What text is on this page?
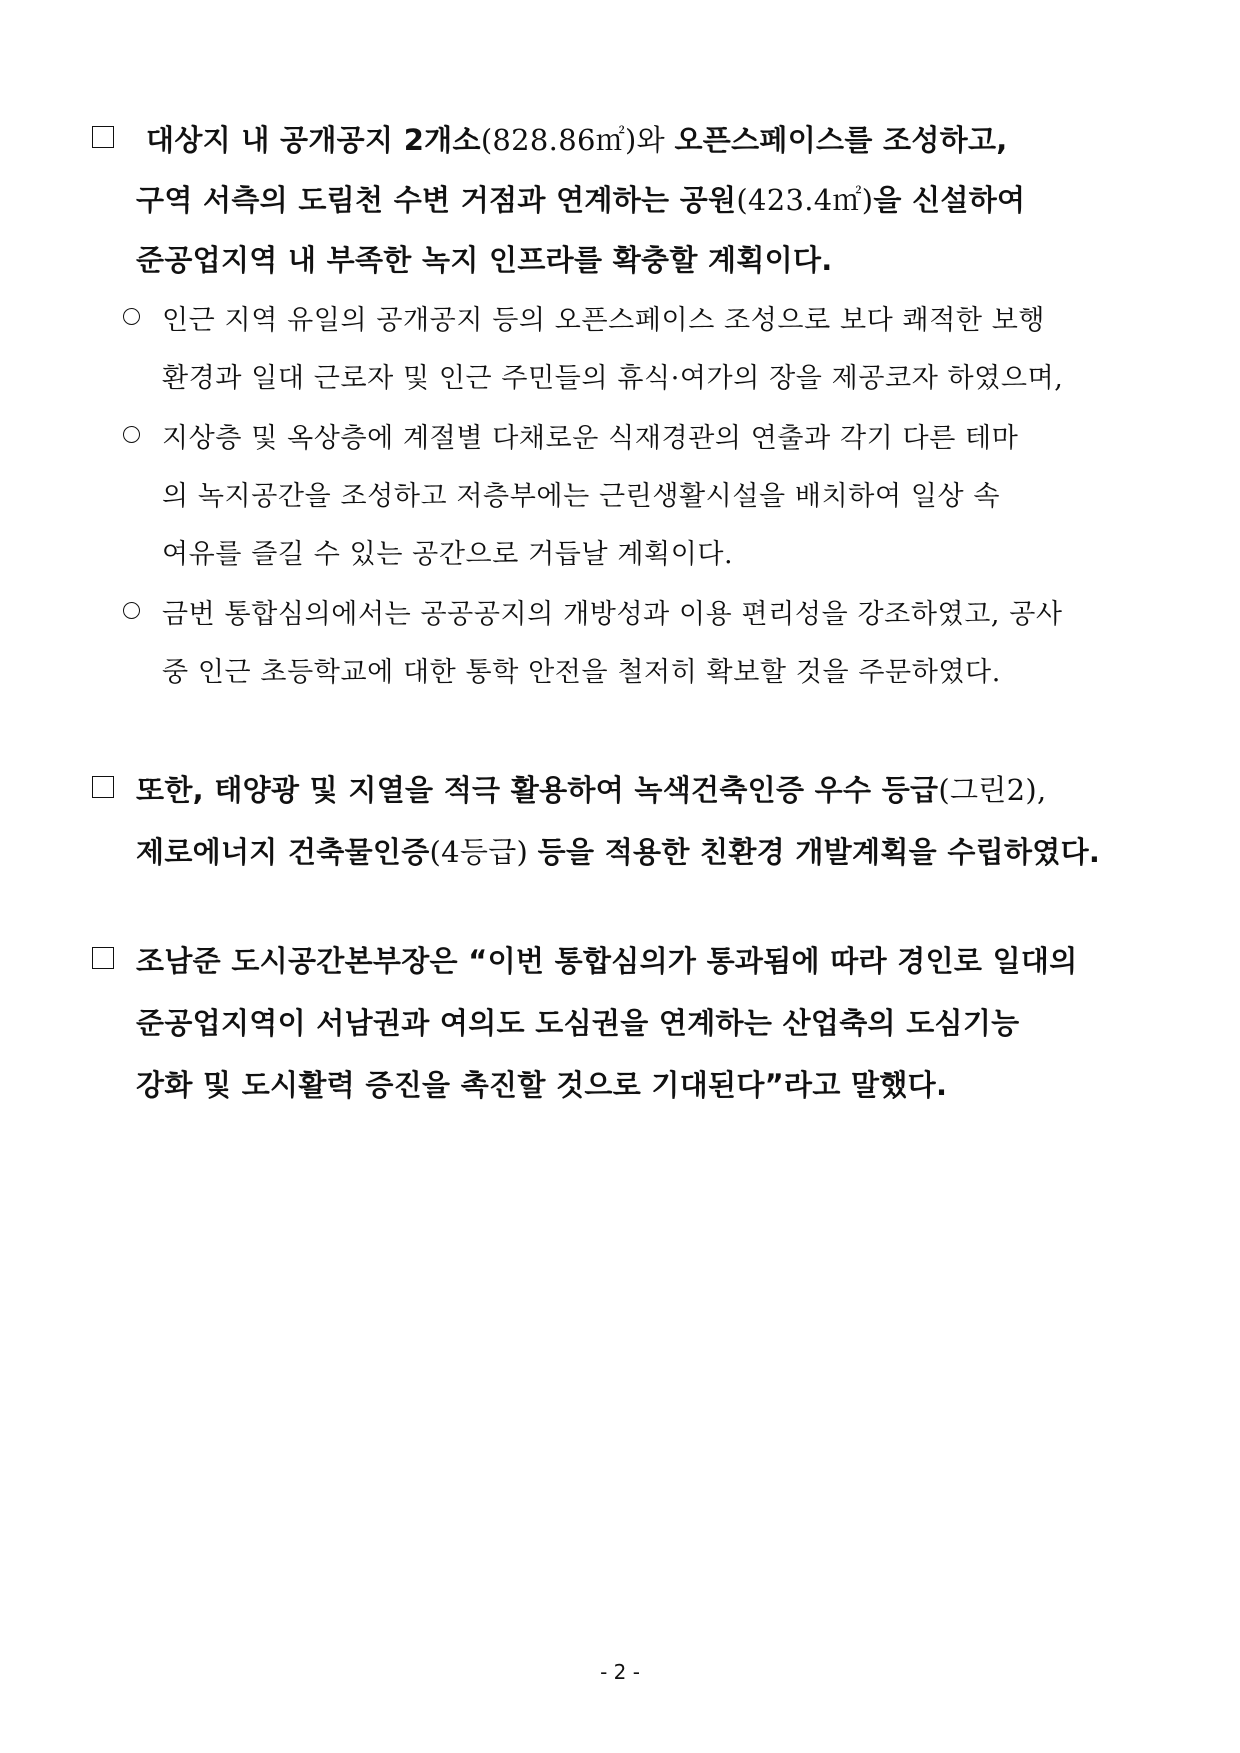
대상지 내 공개공지 2개소(828.86㎡)와 오픈스페이스를 조성하고,
구역 서측의 도림천 수변 거점과 연계하는 공원(423.4㎡)을 신설하여
준공업지역 내 부족한 녹지 인프라를 확충할 계획이다.
인근 지역 유일의 공개공지 등의 오픈스페이스 조성으로 보다 쾌적한 보행
환경과 일대 근로자 및 인근 주민들의 휴식·여가의 장을 제공코자 하였으며,
지상층 및 옥상층에 계절별 다채로운 식재경관의 연출과 각기 다른 테마
의 녹지공간을 조성하고 저층부에는 근린생활시설을 배치하여 일상 속
여유를 즐길 수 있는 공간으로 거듭날 계획이다.
금번 통합심의에서는 공공공지의 개방성과 이용 편리성을 강조하였고, 공사
중 인근 초등학교에 대한 통학 안전을 철저히 확보할 것을 주문하였다.
또한, 태양광 및 지열을 적극 활용하여 녹색건축인증 우수 등급(그린2),
제로에너지 건축물인증(4등급) 등을 적용한 친환경 개발계획을 수립하였다.
조남준 도시공간본부장은 “이번 통합심의가 통과됨에 따라 경인로 일대의
준공업지역이 서남권과 여의도 도심권을 연계하는 산업축의 도심기능
강화 및 도시활력 증진을 촉진할 것으로 기대된다”라고 말했다.
- 2 -
